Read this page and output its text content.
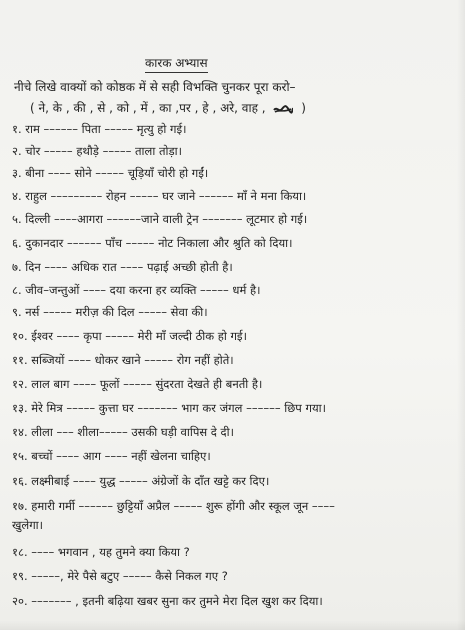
कारक अभ्यास
नीचे लिखे वाक्यों को कोष्ठक में से सही विभक्ति चुनकर पूरा करो–
( ने, के , की , से , को , में , का ,पर , हे , अरे, वाह ,	)
१. राम –––––– पिता ––––– मृत्यु हो गई।
२. चोर ––––– हथौड़े ––––– ताला तोड़ा।
३. बीना –––– सोने ––––– चूड़ियाँ चोरी हो गईं।
४. राहुल ––––––––– रोहन ––––– घर जाने –––––– माँ ने मना किया।
५. दिल्ली ––––आगरा ––––––जाने वाली ट्रेन ––––––– लूटमार हो गई।
६. दुकानदार –––––– पाँच ––––– नोट निकाला और श्रुति को दिया।
७. दिन –––– अधिक रात –––– पढ़ाई अच्छी होती है।
८. जीव–जन्तुओं –––– दया करना हर व्यक्ति ––––– धर्म है।
९. नर्स ––––– मरीज़ की दिल ––––– सेवा की।
१०. ईश्वर –––– कृपा ––––– मेरी माँ जल्दी ठीक हो गई।
११. सब्जियों –––– धोकर खाने ––––– रोग नहीं होते।
१२. लाल बाग –––– फूलों ––––– सुंदरता देखते ही बनती है।
१३. मेरे मित्र ––––– कुत्ता घर ––––––– भाग कर जंगल –––––– छिप गया।
१४. लीला ––– शीला––––– उसकी घड़ी वापिस दे दी।
१५. बच्चों –––– आग –––– नहीं खेलना चाहिए।
१६. लक्ष्मीबाई –––– युद्ध ––––– अंग्रेजों के दाँत खट्टे कर दिए।
१७. हमारी गर्मी –––––– छुट्टियाँ अप्रैल ––––– शुरू होंगी और स्कूल जून ––––
खुलेगा।
१८. –––– भगवान , यह तुमने क्या किया ?
१९. –––––, मेरे पैसे बटुए ––––– कैसे निकल गए ?
२०. ––––––– , इतनी बढ़िया खबर सुना कर तुमने मेरा दिल खुश कर दिया।
